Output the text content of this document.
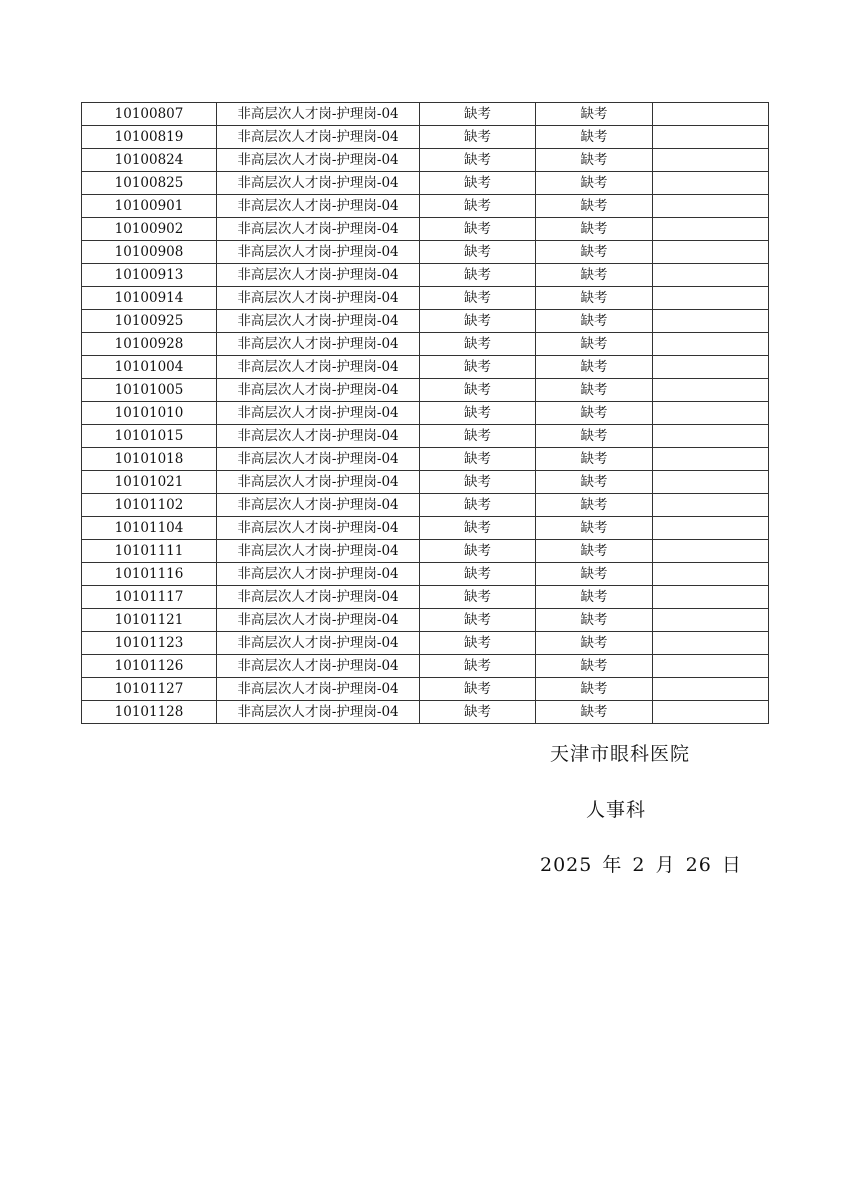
10100807	非高层次人才岗-护理岗-04	缺考	缺考	
10100819	非高层次人才岗-护理岗-04	缺考	缺考	
10100824	非高层次人才岗-护理岗-04	缺考	缺考	
10100825	非高层次人才岗-护理岗-04	缺考	缺考	
10100901	非高层次人才岗-护理岗-04	缺考	缺考	
10100902	非高层次人才岗-护理岗-04	缺考	缺考	
10100908	非高层次人才岗-护理岗-04	缺考	缺考	
10100913	非高层次人才岗-护理岗-04	缺考	缺考	
10100914	非高层次人才岗-护理岗-04	缺考	缺考	
10100925	非高层次人才岗-护理岗-04	缺考	缺考	
10100928	非高层次人才岗-护理岗-04	缺考	缺考	
10101004	非高层次人才岗-护理岗-04	缺考	缺考	
10101005	非高层次人才岗-护理岗-04	缺考	缺考	
10101010	非高层次人才岗-护理岗-04	缺考	缺考	
10101015	非高层次人才岗-护理岗-04	缺考	缺考	
10101018	非高层次人才岗-护理岗-04	缺考	缺考	
10101021	非高层次人才岗-护理岗-04	缺考	缺考	
10101102	非高层次人才岗-护理岗-04	缺考	缺考	
10101104	非高层次人才岗-护理岗-04	缺考	缺考	
10101111	非高层次人才岗-护理岗-04	缺考	缺考	
10101116	非高层次人才岗-护理岗-04	缺考	缺考	
10101117	非高层次人才岗-护理岗-04	缺考	缺考	
10101121	非高层次人才岗-护理岗-04	缺考	缺考	
10101123	非高层次人才岗-护理岗-04	缺考	缺考	
10101126	非高层次人才岗-护理岗-04	缺考	缺考	
10101127	非高层次人才岗-护理岗-04	缺考	缺考	
10101128	非高层次人才岗-护理岗-04	缺考	缺考	
天津市眼科医院
人事科
2025 年 2 月 26 日
